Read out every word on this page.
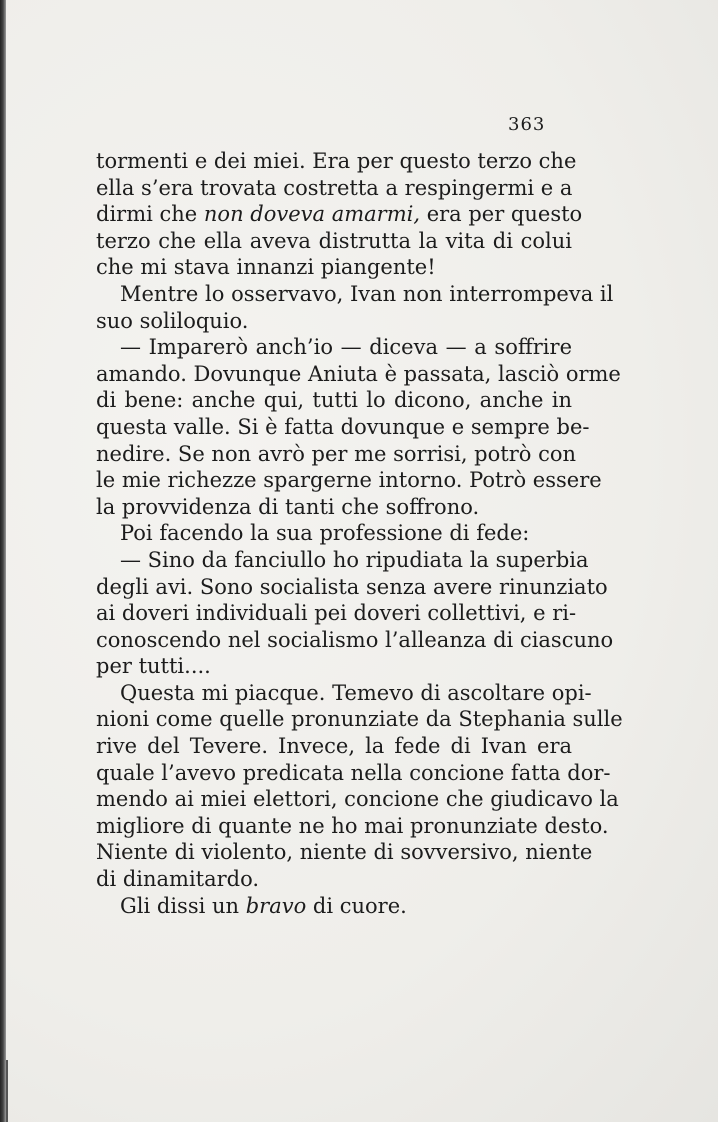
363
tormenti e dei miei. Era per questo terzo che
ella s’era trovata costretta a respingermi e a
dirmi che non doveva amarmi, era per questo
terzo che ella aveva distrutta la vita di colui
che mi stava innanzi piangente!
Mentre lo osservavo, Ivan non interrompeva il
suo soliloquio.
— Imparerò anch’io — diceva — a soffrire
amando. Dovunque Aniuta è passata, lasciò orme
di bene: anche qui, tutti lo dicono, anche in
questa valle. Si è fatta dovunque e sempre be-
nedire. Se non avrò per me sorrisi, potrò con
le mie richezze spargerne intorno. Potrò essere
la provvidenza di tanti che soffrono.
Poi facendo la sua professione di fede:
— Sino da fanciullo ho ripudiata la superbia
degli avi. Sono socialista senza avere rinunziato
ai doveri individuali pei doveri collettivi, e ri-
conoscendo nel socialismo l’alleanza di ciascuno
per tutti....
Questa mi piacque. Temevo di ascoltare opi-
nioni come quelle pronunziate da Stephania sulle
rive del Tevere. Invece, la fede di Ivan era
quale l’avevo predicata nella concione fatta dor-
mendo ai miei elettori, concione che giudicavo la
migliore di quante ne ho mai pronunziate desto.
Niente di violento, niente di sovversivo, niente
di dinamitardo.
Gli dissi un bravo di cuore.
